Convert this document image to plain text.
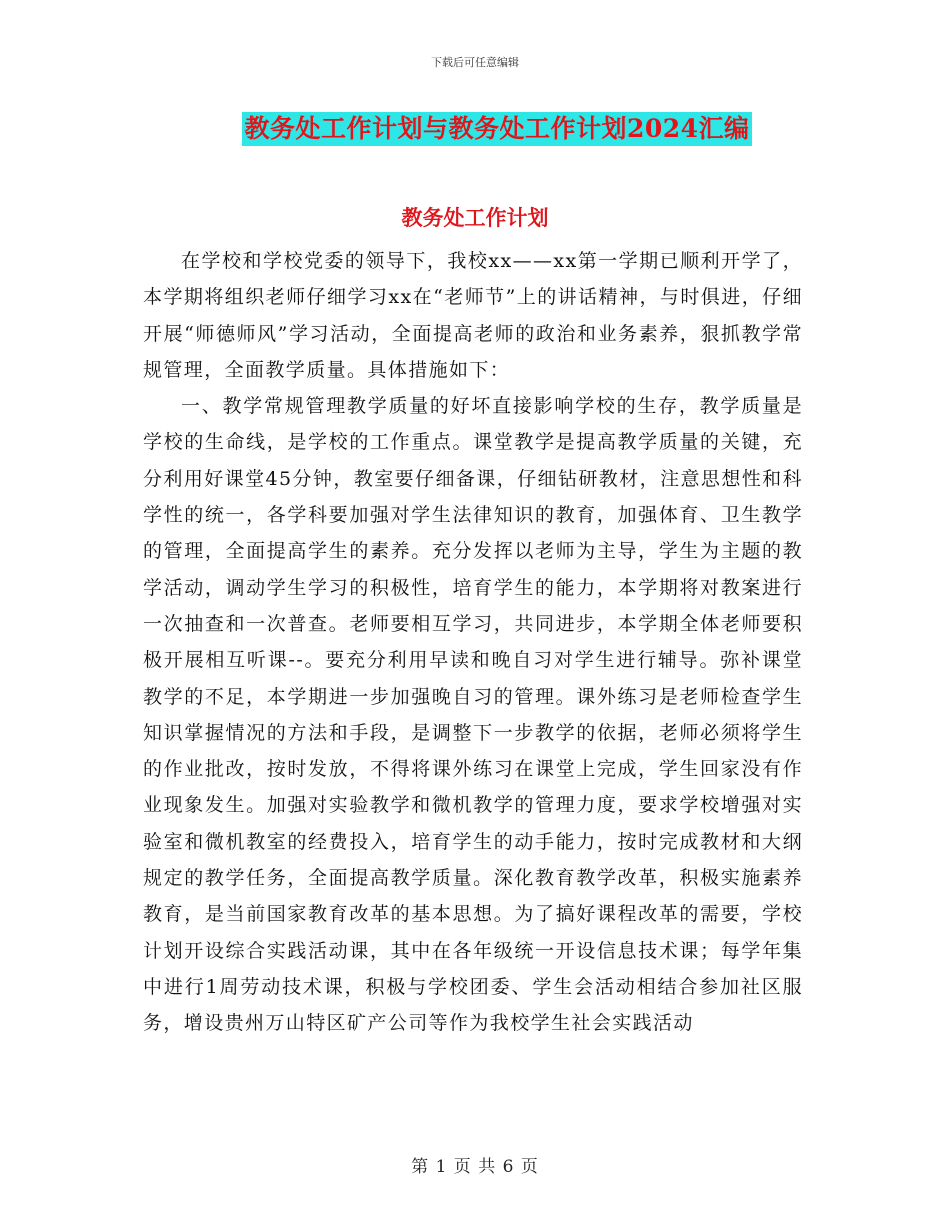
下载后可任意编辑
教务处工作计划与教务处工作计划2024汇编
教务处工作计划

在学校和学校党委的领导下，我校xx——xx第一学期已顺利开学了，本学期将组织老师仔细学习xx在“老师节”上的讲话精神，与时俱进，仔细开展“师德师风”学习活动，全面提高老师的政治和业务素养，狠抓教学常规管理，全面教学质量。具体措施如下：

一、教学常规管理教学质量的好坏直接影响学校的生存，教学质量是学校的生命线，是学校的工作重点。课堂教学是提高教学质量的关键，充分利用好课堂45分钟，教室要仔细备课，仔细钻研教材，注意思想性和科学性的统一，各学科要加强对学生法律知识的教育，加强体育、卫生教学的管理，全面提高学生的素养。充分发挥以老师为主导，学生为主题的教学活动，调动学生学习的积极性，培育学生的能力，本学期将对教案进行一次抽查和一次普查。老师要相互学习，共同进步，本学期全体老师要积极开展相互听课--。要充分利用早读和晚自习对学生进行辅导。弥补课堂教学的不足，本学期进一步加强晚自习的管理。课外练习是老师检查学生知识掌握情况的方法和手段，是调整下一步教学的依据，老师必须将学生的作业批改，按时发放，不得将课外练习在课堂上完成，学生回家没有作业现象发生。加强对实验教学和微机教学的管理力度，要求学校增强对实验室和微机教室的经费投入，培育学生的动手能力，按时完成教材和大纲规定的教学任务，全面提高教学质量。深化教育教学改革，积极实施素养教育，是当前国家教育改革的基本思想。为了搞好课程改革的需要，学校计划开设综合实践活动课，其中在各年级统一开设信息技术课；每学年集中进行1周劳动技术课，积极与学校团委、学生会活动相结合参加社区服务，增设贵州万山特区矿产公司等作为我校学生社会实践活动

第 1 页 共 6 页
